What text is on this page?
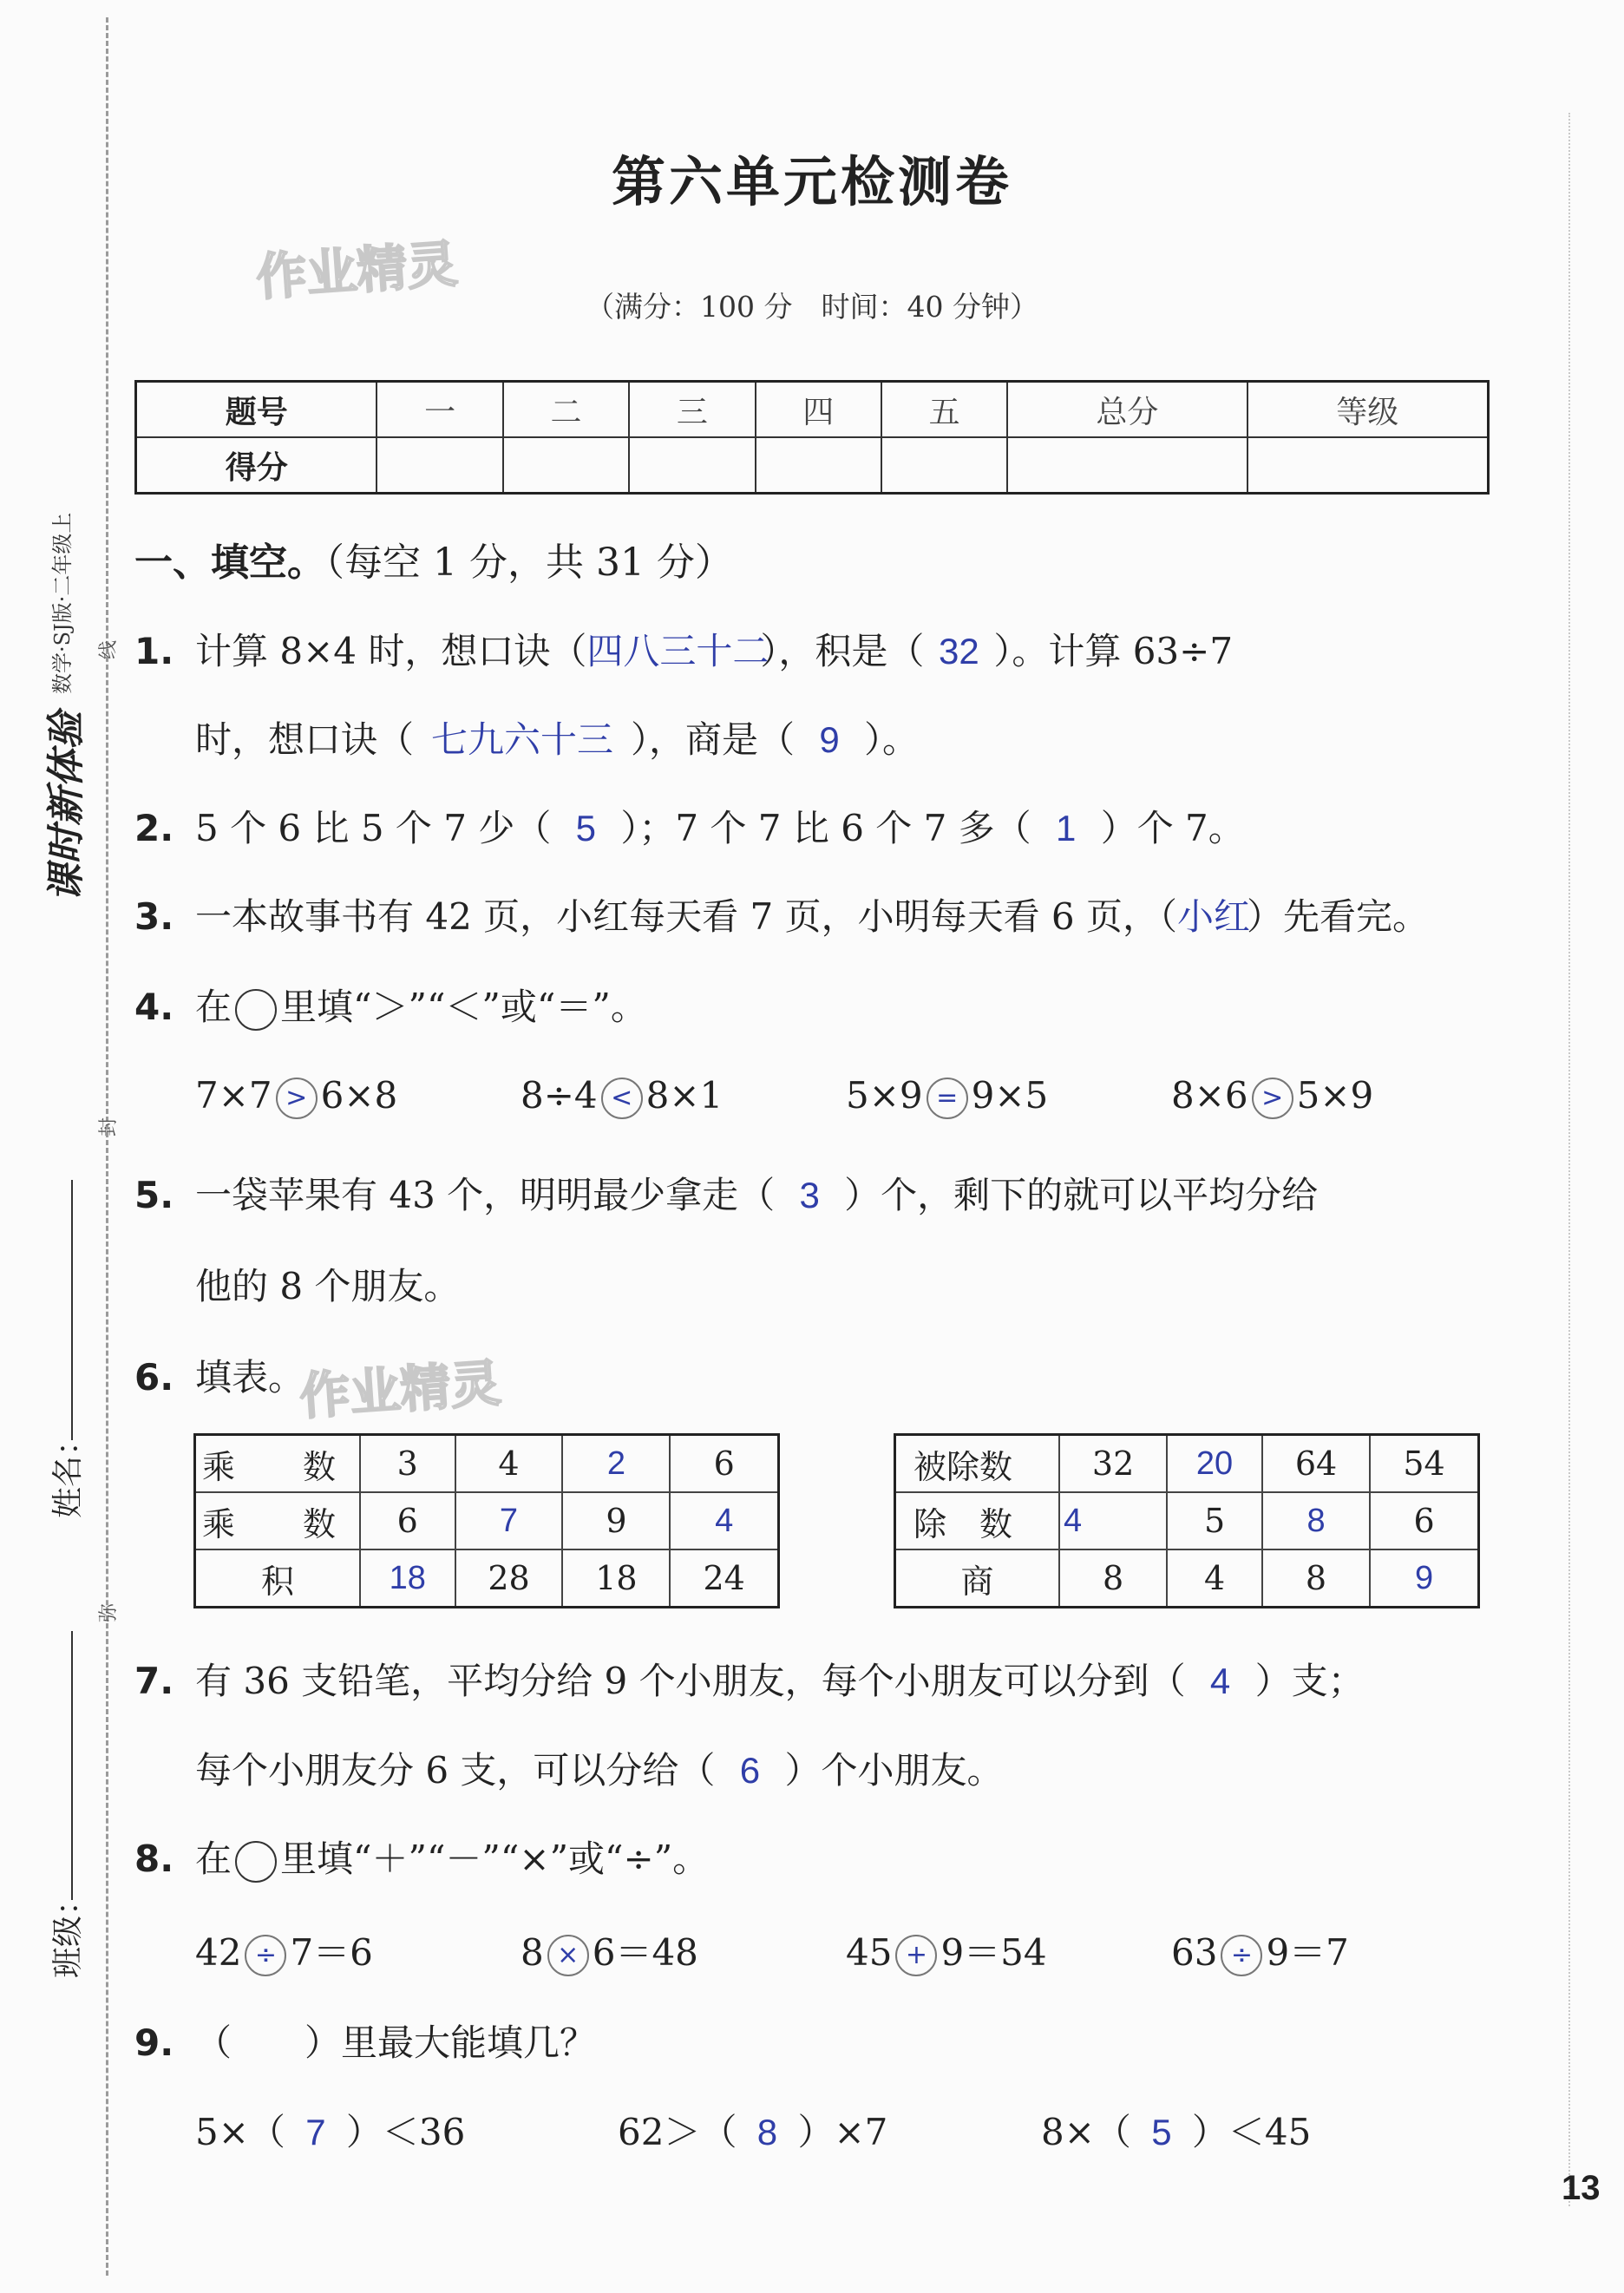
课时新体验
数学·SJ版·二年级上 线
封
弥
姓名：
班级：
第六单元检测卷
作业精灵	（满分：100 分　时间：40 分钟）
题号	一	二	三	四	五	总分	等级
得分							
一、填空。（每空 1 分，共 31 分）
1. 计算 8×4 时，想口诀（四八三十二），积是（ 32 ）。计算 63÷7
时，想口诀（ 七九六十三 ），商是（ 9 ）。
2. 5 个 6 比 5 个 7 少（ 5 ）；7 个 7 比 6 个 7 多（ 1 ）个 7。
3. 一本故事书有 42 页，小红每天看 7 页，小明每天看 6 页，（小红）先看完。
4. 在 里填“＞”“＜”或“＝”。
7×7 > 6×8	8÷4 < 8×1	5×9 = 9×5	8×6 > 5×9
5. 一袋苹果有 43 个，明明最少拿走（ 3 ）个，剩下的就可以平均分给
他的 8 个朋友。
6. 填表。
作业精灵
乘　数	3	4	2	6
乘　数	6	7	9	4
积	18	28	18	24
被除数	32	20	64	54
除　数	4	5	8	6
商	8	4	8	9
7. 有 36 支铅笔，平均分给 9 个小朋友，每个小朋友可以分到（ 4 ）支；
每个小朋友分 6 支，可以分给（ 6 ）个小朋友。
8. 在 里填“＋”“－”“×”或“÷”。
42 ÷ 7＝6	8 × 6＝48	45 + 9＝54	63 ÷ 9＝7
9. （　　）里最大能填几？
5×（ 7 ）＜36	62＞（ 8 ）×7	8×（ 5 ）＜45
13
